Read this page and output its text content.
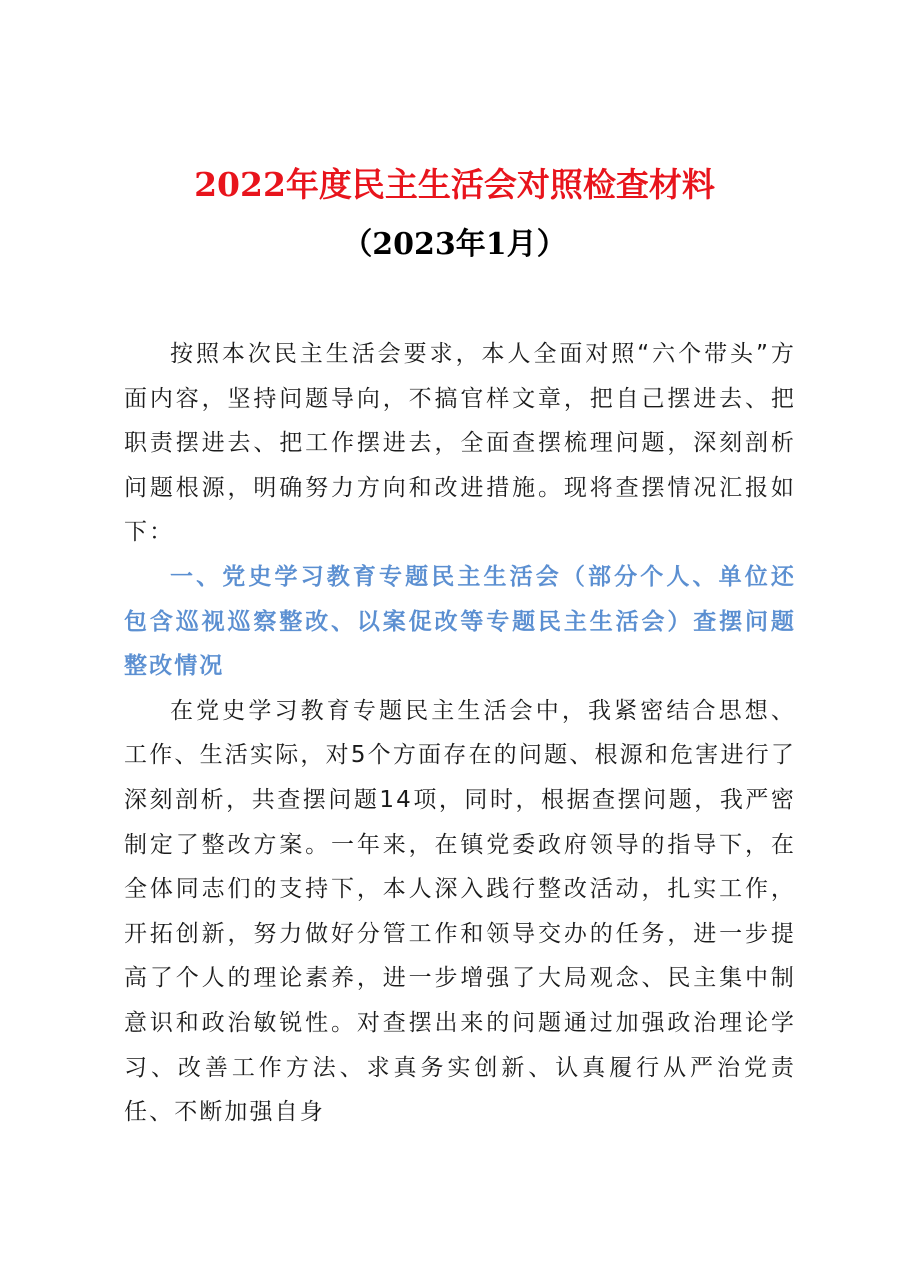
2022年度民主生活会对照检查材料
（2023年1月）

按照本次民主生活会要求，本人全面对照“六个带头”方面内容，坚持问题导向，不搞官样文章，把自己摆进去、把职责摆进去、把工作摆进去，全面查摆梳理问题，深刻剖析问题根源，明确努力方向和改进措施。现将查摆情况汇报如下：

一、党史学习教育专题民主生活会（部分个人、单位还包含巡视巡察整改、以案促改等专题民主生活会）查摆问题整改情况

在党史学习教育专题民主生活会中，我紧密结合思想、工作、生活实际，对5个方面存在的问题、根源和危害进行了深刻剖析，共查摆问题14项，同时，根据查摆问题，我严密制定了整改方案。一年来，在镇党委政府领导的指导下，在全体同志们的支持下，本人深入践行整改活动，扎实工作，开拓创新，努力做好分管工作和领导交办的任务，进一步提高了个人的理论素养，进一步增强了大局观念、民主集中制意识和政治敏锐性。对查摆出来的问题通过加强政治理论学习、改善工作方法、求真务实创新、认真履行从严治党责任、不断加强自身
